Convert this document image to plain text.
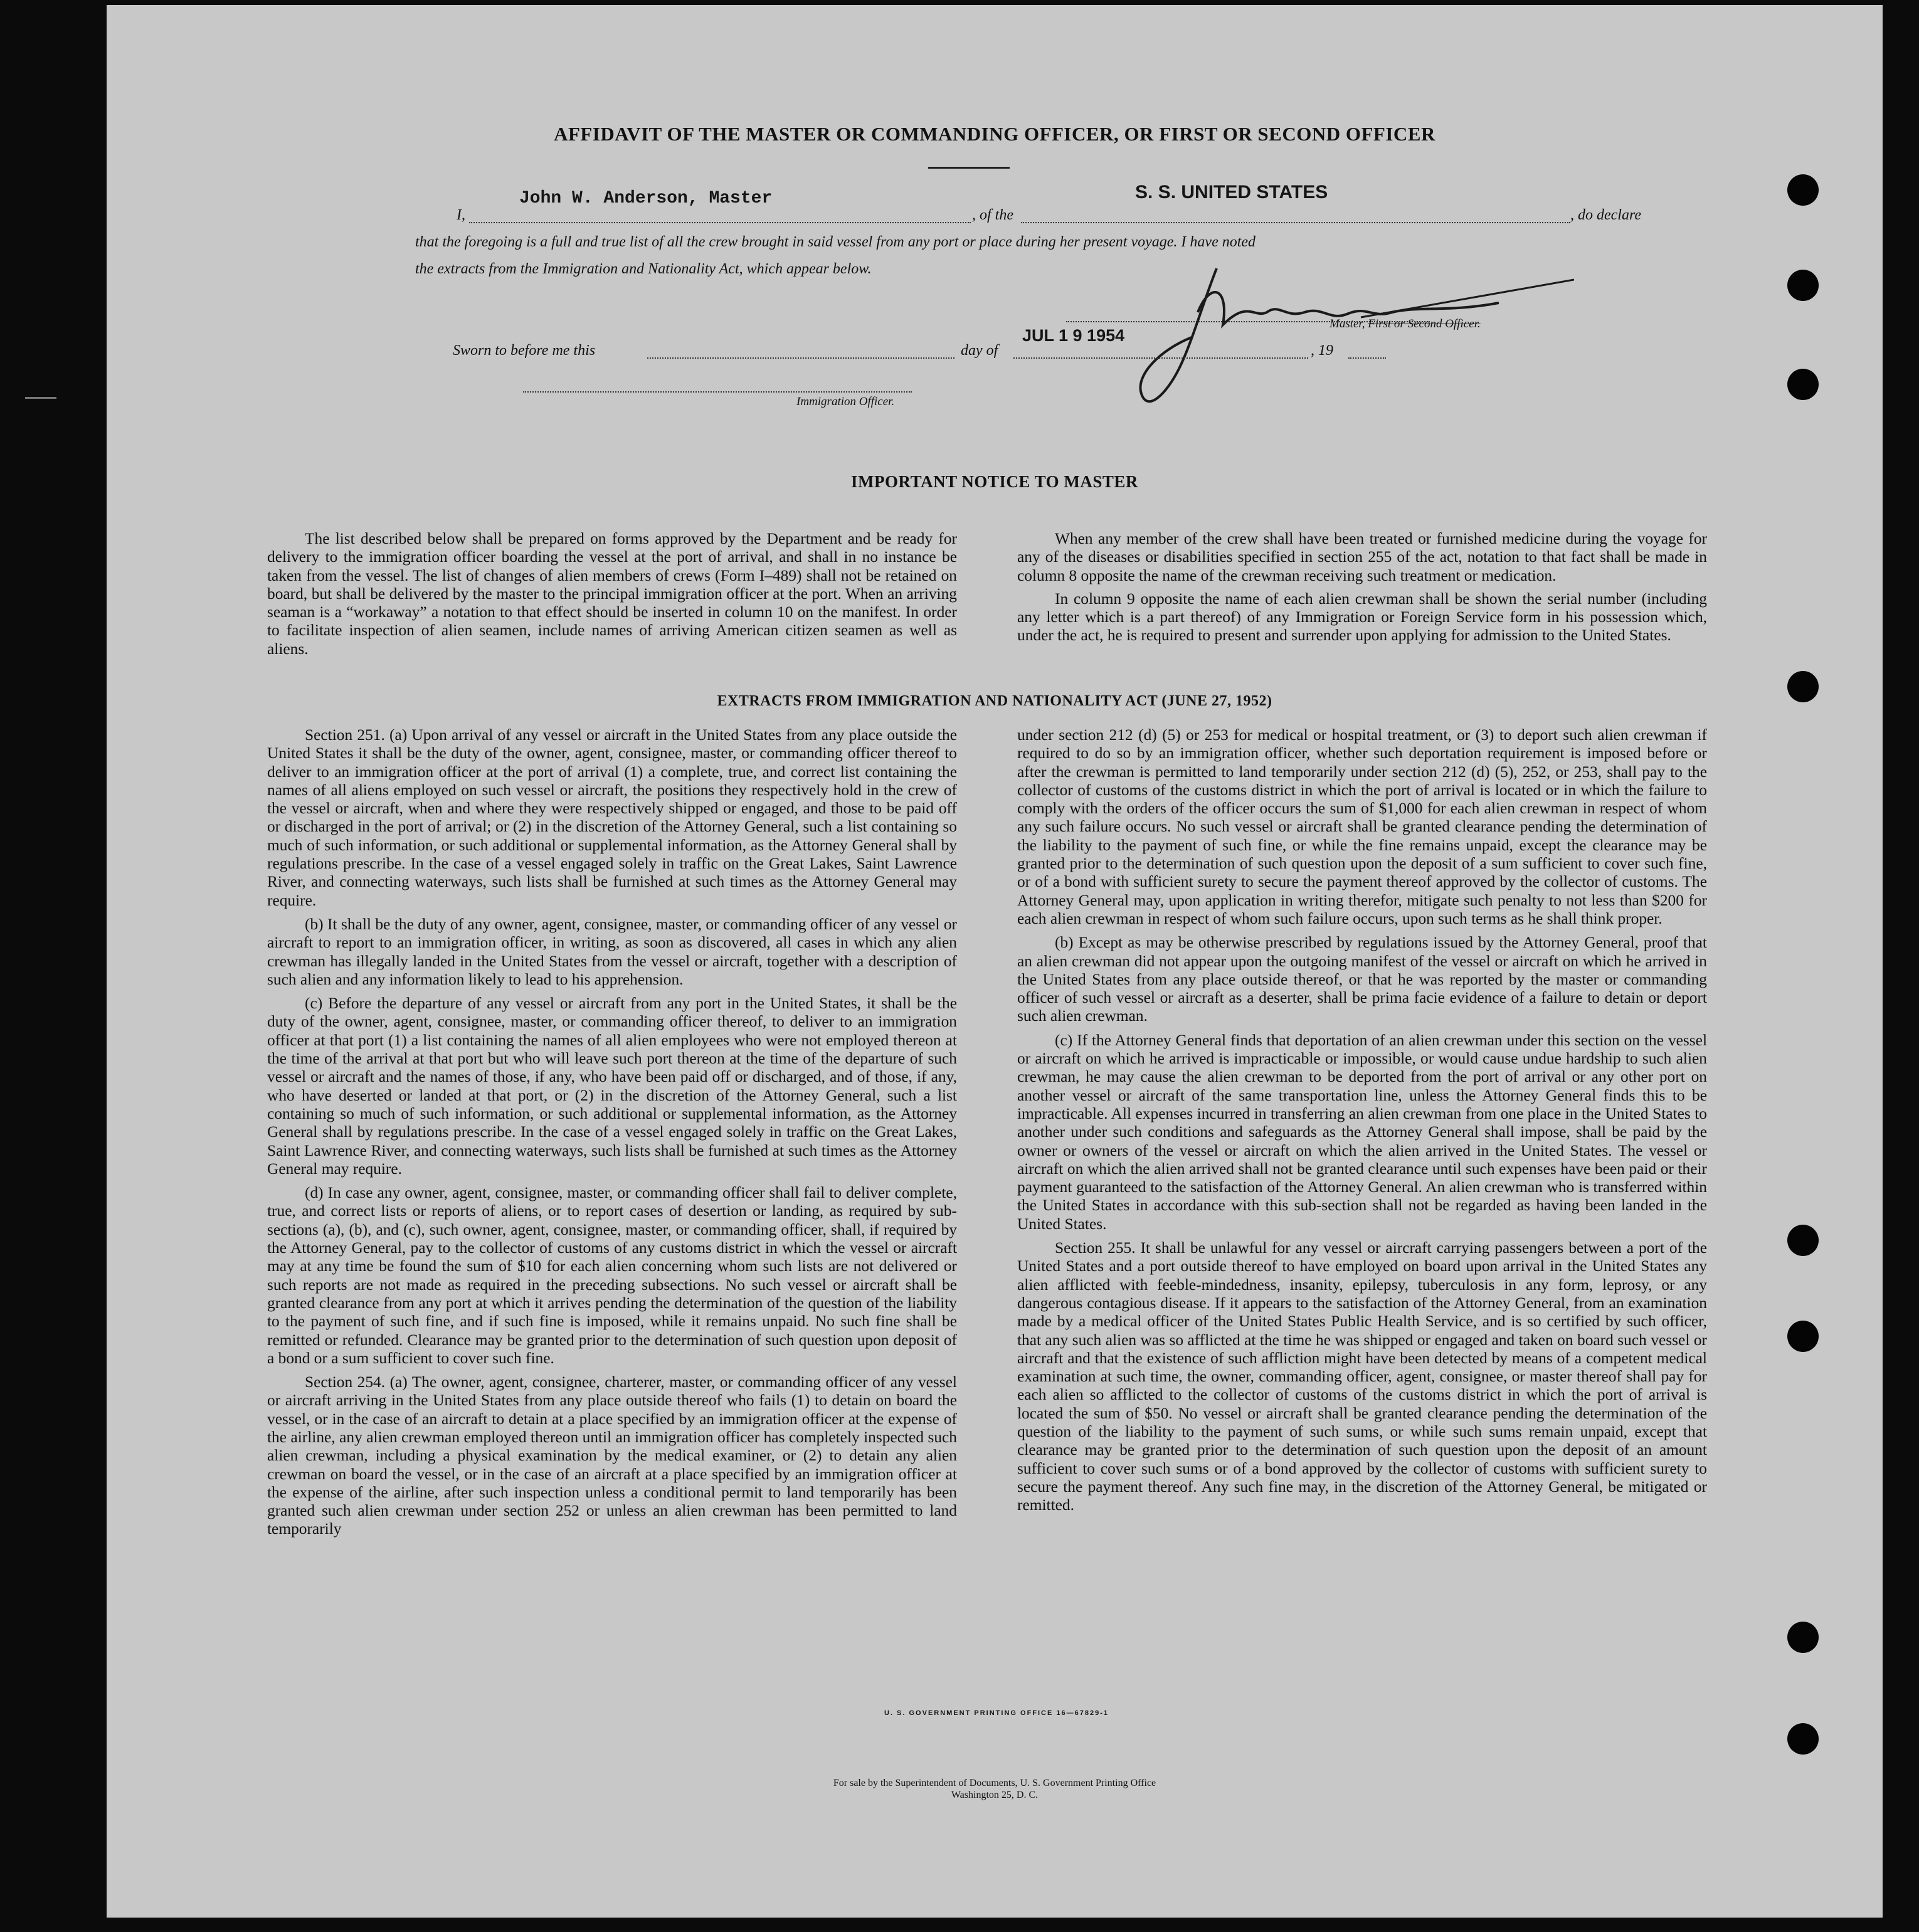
AFFIDAVIT OF THE MASTER OR COMMANDING OFFICER, OR FIRST OR SECOND OFFICER
I,
John W. Anderson, Master
, of the
S. S. UNITED STATES
, do declare
that the foregoing is a full and true list of all the crew brought in said vessel from any port or place during her present voyage. I have noted
the extracts from the Immigration and Nationality Act, which appear below.
Master, First or Second Officer.
Sworn to before me this	day of
JUL 1 9 1954
, 19
Immigration Officer.
IMPORTANT NOTICE TO MASTER

The list described below shall be prepared on forms approved by the Department and be ready for delivery to the immigration officer boarding the vessel at the port of arrival, and shall in no instance be taken from the vessel. The list of changes of alien members of crews (Form I–489) shall not be retained on board, but shall be delivered by the master to the principal immigration officer at the port. When an arriving seaman is a “workaway” a notation to that effect should be inserted in column 10 on the manifest. In order to facilitate inspection of alien seamen, include names of arriving American citizen seamen as well as aliens.

When any member of the crew shall have been treated or furnished medicine during the voyage for any of the diseases or disabilities specified in section 255 of the act, notation to that fact shall be made in column 8 opposite the name of the crewman receiving such treatment or medication.

In column 9 opposite the name of each alien crewman shall be shown the serial number (including any letter which is a part thereof) of any Immigration or Foreign Service form in his possession which, under the act, he is required to present and surrender upon applying for admission to the United States.

EXTRACTS FROM IMMIGRATION AND NATIONALITY ACT (JUNE 27, 1952)

Section 251. (a) Upon arrival of any vessel or aircraft in the United States from any place outside the United States it shall be the duty of the owner, agent, consignee, master, or commanding officer thereof to deliver to an immigration officer at the port of arrival (1) a complete, true, and correct list containing the names of all aliens employed on such vessel or aircraft, the positions they respectively hold in the crew of the vessel or aircraft, when and where they were respectively shipped or engaged, and those to be paid off or discharged in the port of arrival; or (2) in the discretion of the Attorney General, such a list containing so much of such information, or such additional or supplemental information, as the Attorney General shall by regulations prescribe. In the case of a vessel engaged solely in traffic on the Great Lakes, Saint Lawrence River, and connecting waterways, such lists shall be furnished at such times as the Attorney General may require.

(b) It shall be the duty of any owner, agent, consignee, master, or commanding officer of any vessel or aircraft to report to an immigration officer, in writing, as soon as discovered, all cases in which any alien crewman has illegally landed in the United States from the vessel or aircraft, together with a description of such alien and any information likely to lead to his apprehension.

(c) Before the departure of any vessel or aircraft from any port in the United States, it shall be the duty of the owner, agent, consignee, master, or commanding officer thereof, to deliver to an immigration officer at that port (1) a list containing the names of all alien employees who were not employed thereon at the time of the arrival at that port but who will leave such port thereon at the time of the departure of such vessel or aircraft and the names of those, if any, who have been paid off or discharged, and of those, if any, who have deserted or landed at that port, or (2) in the discretion of the Attorney General, such a list containing so much of such information, or such additional or supplemental information, as the Attorney General shall by regulations prescribe. In the case of a vessel engaged solely in traffic on the Great Lakes, Saint Lawrence River, and connecting waterways, such lists shall be furnished at such times as the Attorney General may require.

(d) In case any owner, agent, consignee, master, or commanding officer shall fail to deliver complete, true, and correct lists or reports of aliens, or to report cases of desertion or landing, as required by sub-sections (a), (b), and (c), such owner, agent, consignee, master, or commanding officer, shall, if required by the Attorney General, pay to the collector of customs of any customs district in which the vessel or aircraft may at any time be found the sum of $10 for each alien concerning whom such lists are not delivered or such reports are not made as required in the preceding subsections. No such vessel or aircraft shall be granted clearance from any port at which it arrives pending the determination of the question of the liability to the payment of such fine, and if such fine is imposed, while it remains unpaid. No such fine shall be remitted or refunded. Clearance may be granted prior to the determination of such question upon deposit of a bond or a sum sufficient to cover such fine.

Section 254. (a) The owner, agent, consignee, charterer, master, or commanding officer of any vessel or aircraft arriving in the United States from any place outside thereof who fails (1) to detain on board the vessel, or in the case of an aircraft to detain at a place specified by an immigration officer at the expense of the airline, any alien crewman employed thereon until an immigration officer has completely inspected such alien crewman, including a physical examination by the medical examiner, or (2) to detain any alien crewman on board the vessel, or in the case of an aircraft at a place specified by an immigration officer at the expense of the airline, after such inspection unless a conditional permit to land temporarily has been granted such alien crewman under section 252 or unless an alien crewman has been permitted to land temporarily

under section 212 (d) (5) or 253 for medical or hospital treatment, or (3) to deport such alien crewman if required to do so by an immigration officer, whether such deportation requirement is imposed before or after the crewman is permitted to land temporarily under section 212 (d) (5), 252, or 253, shall pay to the collector of customs of the customs district in which the port of arrival is located or in which the failure to comply with the orders of the officer occurs the sum of $1,000 for each alien crewman in respect of whom any such failure occurs. No such vessel or aircraft shall be granted clearance pending the determination of the liability to the payment of such fine, or while the fine remains unpaid, except the clearance may be granted prior to the determination of such question upon the deposit of a sum sufficient to cover such fine, or of a bond with sufficient surety to secure the payment thereof approved by the collector of customs. The Attorney General may, upon application in writing therefor, mitigate such penalty to not less than $200 for each alien crewman in respect of whom such failure occurs, upon such terms as he shall think proper.

(b) Except as may be otherwise prescribed by regulations issued by the Attorney General, proof that an alien crewman did not appear upon the outgoing manifest of the vessel or aircraft on which he arrived in the United States from any place outside thereof, or that he was reported by the master or commanding officer of such vessel or aircraft as a deserter, shall be prima facie evidence of a failure to detain or deport such alien crewman.

(c) If the Attorney General finds that deportation of an alien crewman under this section on the vessel or aircraft on which he arrived is impracticable or impossible, or would cause undue hardship to such alien crewman, he may cause the alien crewman to be deported from the port of arrival or any other port on another vessel or aircraft of the same transportation line, unless the Attorney General finds this to be impracticable. All expenses incurred in transferring an alien crewman from one place in the United States to another under such conditions and safeguards as the Attorney General shall impose, shall be paid by the owner or owners of the vessel or aircraft on which the alien arrived in the United States. The vessel or aircraft on which the alien arrived shall not be granted clearance until such expenses have been paid or their payment guaranteed to the satisfaction of the Attorney General. An alien crewman who is transferred within the United States in accordance with this sub-section shall not be regarded as having been landed in the United States.

Section 255. It shall be unlawful for any vessel or aircraft carrying passengers between a port of the United States and a port outside thereof to have employed on board upon arrival in the United States any alien afflicted with feeble-mindedness, insanity, epilepsy, tuberculosis in any form, leprosy, or any dangerous contagious disease. If it appears to the satisfaction of the Attorney General, from an examination made by a medical officer of the United States Public Health Service, and is so certified by such officer, that any such alien was so afflicted at the time he was shipped or engaged and taken on board such vessel or aircraft and that the existence of such affliction might have been detected by means of a competent medical examination at such time, the owner, commanding officer, agent, consignee, or master thereof shall pay for each alien so afflicted to the collector of customs of the customs district in which the port of arrival is located the sum of $50. No vessel or aircraft shall be granted clearance pending the determination of the question of the liability to the payment of such sums, or while such sums remain unpaid, except that clearance may be granted prior to the determination of such question upon the deposit of an amount sufficient to cover such sums or of a bond approved by the collector of customs with sufficient surety to secure the payment thereof. Any such fine may, in the discretion of the Attorney General, be mitigated or remitted.

U. S. GOVERNMENT PRINTING OFFICE 16—67829-1
For sale by the Superintendent of Documents, U. S. Government Printing Office
Washington 25, D. C.
